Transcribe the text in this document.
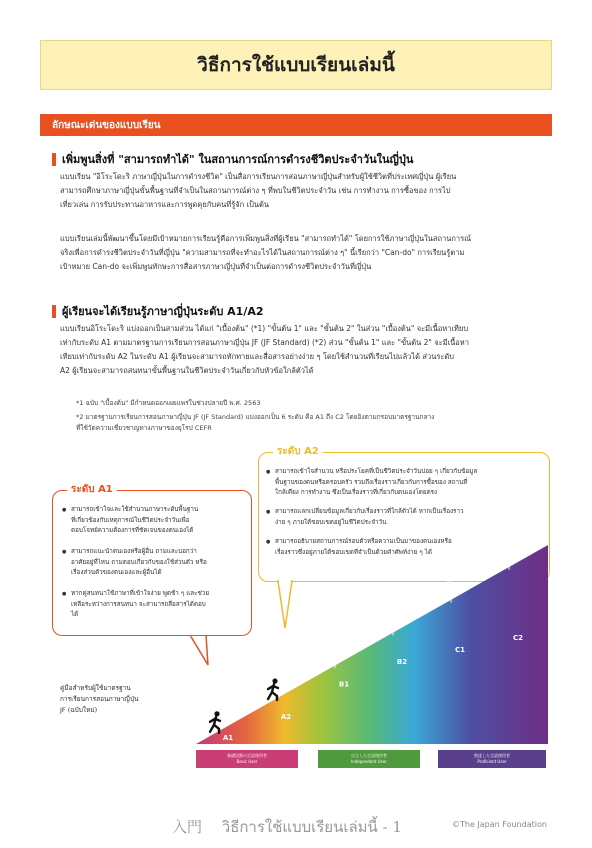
วิธีการใช้แบบเรียนเล่มนี้
ลักษณะเด่นของแบบเรียน
เพิ่มพูนสิ่งที่ "สามารถทำได้" ในสถานการณ์การดำรงชีวิตประจำวันในญี่ปุ่น
แบบเรียน "อิโระโดะริ ภาษาญี่ปุ่นในการดำรงชีวิต" เป็นสื่อการเรียนการสอนภาษาญี่ปุ่นสำหรับผู้ใช้ชีวิตที่ประเทศญี่ปุ่น ผู้เรียน
สามารถศึกษาภาษาญี่ปุ่นขั้นพื้นฐานที่จำเป็นในสถานการณ์ต่าง ๆ ที่พบในชีวิตประจำวัน เช่น การทำงาน การซื้อของ การไป
เที่ยวเล่น การรับประทานอาหารและการพูดคุยกับคนที่รู้จัก เป็นต้น
แบบเรียนเล่มนี้พัฒนาขึ้นโดยมีเป้าหมายการเรียนรู้คือการเพิ่มพูนสิ่งที่ผู้เรียน "สามารถทำได้" โดยการใช้ภาษาญี่ปุ่นในสถานการณ์
จริงเพื่อการดำรงชีวิตประจำวันที่ญี่ปุ่น "ความสามารถที่จะทำอะไรได้ในสถานการณ์ต่าง ๆ" นี้เรียกว่า "Can-do" การเรียนรู้ตาม
เป้าหมาย Can-do จะเพิ่มพูนทักษะการสื่อสารภาษาญี่ปุ่นที่จำเป็นต่อการดำรงชีวิตประจำวันที่ญี่ปุ่น
ผู้เรียนจะได้เรียนรู้ภาษาญี่ปุ่นระดับ A1/A2
แบบเรียนอิโระโดะริ แบ่งออกเป็นสามส่วน ได้แก่ "เบื้องต้น" (*1) "ขั้นต้น 1" และ "ขั้นต้น 2" ในส่วน "เบื้องต้น" จะมีเนื้อหาเทียบ
เท่ากับระดับ A1 ตามมาตรฐานการเรียนการสอนภาษาญี่ปุ่น JF (JF Standard) (*2) ส่วน "ขั้นต้น 1" และ "ขั้นต้น 2" จะมีเนื้อหา
เทียบเท่ากับระดับ A2 ในระดับ A1 ผู้เรียนจะสามารถทักทายและสื่อสารอย่างง่าย ๆ โดยใช้สำนวนที่เรียนไปแล้วได้ ส่วนระดับ
A2 ผู้เรียนจะสามารถสนทนาขั้นพื้นฐานในชีวิตประจำวันเกี่ยวกับหัวข้อใกล้ตัวได้
*1 ฉบับ "เบื้องต้น" มีกำหนดออกเผยแพร่ในช่วงปลายปี พ.ศ. 2563
*2 มาตรฐานการเรียนการสอนภาษาญี่ปุ่น JF (JF Standard) แบ่งออกเป็น 6 ระดับ คือ A1 ถึง C2 โดยอิงตามกรอบมาตรฐานกลาง
ที่ใช้วัดความเชี่ยวชาญทางภาษาของยุโรป CEFR
ระดับ A2
● สามารถเข้าใจสำนวน หรือประโยคที่เป็นชีวิตประจำวันบ่อย ๆ เกี่ยวกับข้อมูล
พื้นฐานของตนหรือครอบครัว รวมถึงเรื่องราวเกี่ยวกับการซื้อของ สถานที่
ใกล้เคียง การทำงาน ซึ่งเป็นเรื่องราวที่เกี่ยวกับตนเองโดยตรง
● สามารถแลกเปลี่ยนข้อมูลเกี่ยวกับเรื่องราวที่ใกล้ตัวได้ หากเป็นเรื่องราว
ง่าย ๆ ภายใต้ขอบเขตอยู่ในชีวิตประจำวัน
● สามารถอธิบายสถานการณ์รอบตัวหรือความเป็นมาของตนเองหรือ
เรื่องราวซึ่งอยู่ภายใต้ขอบเขตที่จำเป็นด้วยคำศัพท์ง่าย ๆ ได้
ระดับ A1
● สามารถเข้าใจและใช้สำนวนภาษาระดับพื้นฐาน
ที่เกี่ยวข้องกับเหตุการณ์ในชีวิตประจำวันเพื่อ
ตอบโจทย์ความต้องการที่ชัดเจนของตนเองได้
● สามารถแนะนำตนเองหรือผู้อื่น ถามและบอกว่า
อาศัยอยู่ที่ไหน ถามตอบเกี่ยวกับของใช้ส่วนตัว หรือ
เรื่องส่วนตัวของตนเองและผู้อื่นได้
● หากคู่สนทนาใช้ภาษาที่เข้าใจง่าย พูดช้า ๆ และช่วย
เหลือระหว่างการสนทนา จะสามารถสื่อสารได้ตอบ
ได้
คู่มือสำหรับผู้ใช้มาตรฐาน
การเรียนการสอนภาษาญี่ปุ่น
JF (ฉบับใหม่)
A1
A2
B1
B2
C1
C2
基礎段階の言語使用者
Basic User
自立した言語使用者
Independent User
熟達した言語使用者
Proficient User
入門　 วิธีการใช้แบบเรียนเล่มนี้ - 1	©The Japan Foundation
